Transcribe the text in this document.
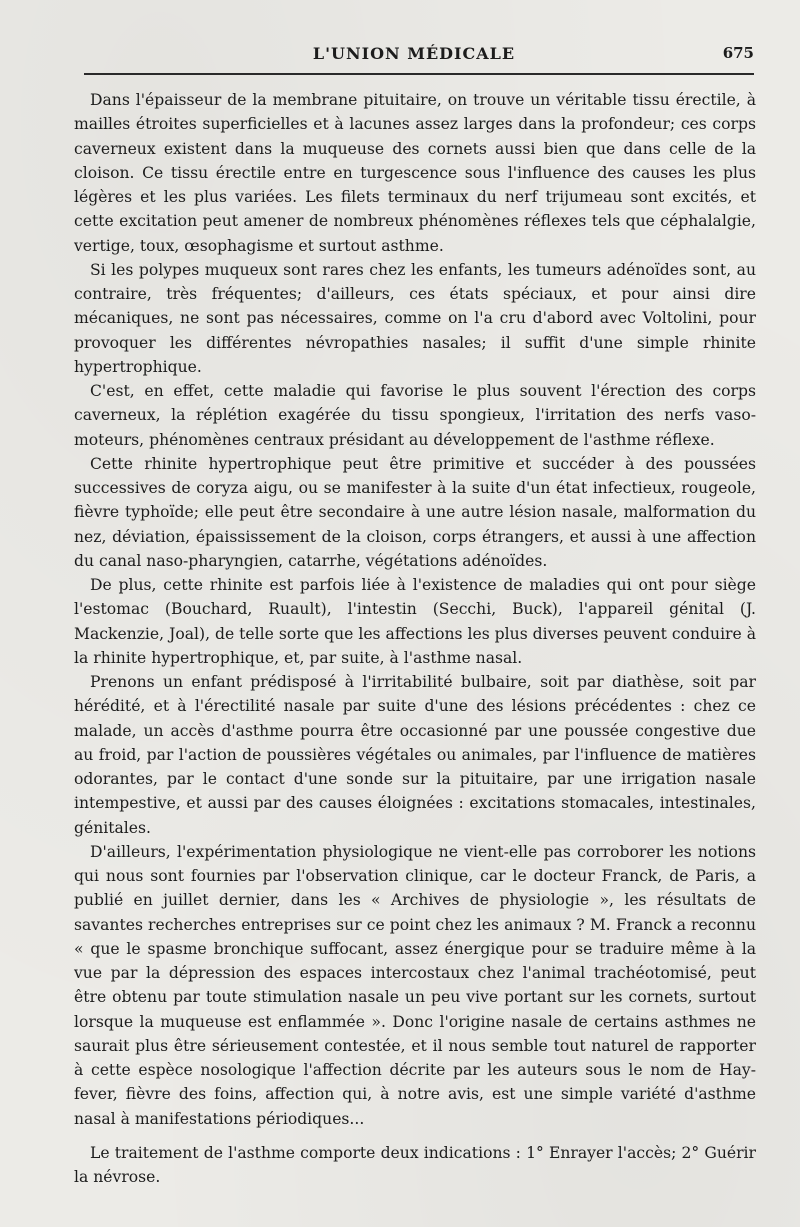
L'UNION MÉDICALE	675

Dans l'épaisseur de la membrane pituitaire, on trouve un véritable tissu érectile, à mailles étroites superficielles et à lacunes assez larges dans la profondeur; ces corps caverneux existent dans la muqueuse des cornets aussi bien que dans celle de la cloison. Ce tissu érectile entre en turgescence sous l'influence des causes les plus légères et les plus variées. Les filets terminaux du nerf trijumeau sont excités, et cette excitation peut amener de nombreux phénomènes réflexes tels que céphalalgie, vertige, toux, œsophagisme et surtout asthme.

Si les polypes muqueux sont rares chez les enfants, les tumeurs adénoïdes sont, au contraire, très fréquentes; d'ailleurs, ces états spéciaux, et pour ainsi dire mécaniques, ne sont pas nécessaires, comme on l'a cru d'abord avec Voltolini, pour provoquer les différentes névropathies nasales; il suffit d'une simple rhinite hypertrophique.

C'est, en effet, cette maladie qui favorise le plus souvent l'érection des corps caverneux, la réplétion exagérée du tissu spongieux, l'irritation des nerfs vaso-moteurs, phénomènes centraux présidant au développement de l'asthme réflexe.

Cette rhinite hypertrophique peut être primitive et succéder à des poussées successives de coryza aigu, ou se manifester à la suite d'un état infectieux, rougeole, fièvre typhoïde; elle peut être secondaire à une autre lésion nasale, malformation du nez, déviation, épaississement de la cloison, corps étrangers, et aussi à une affection du canal naso-pharyngien, catarrhe, végétations adénoïdes.

De plus, cette rhinite est parfois liée à l'existence de maladies qui ont pour siège l'estomac (Bouchard, Ruault), l'intestin (Secchi, Buck), l'appareil génital (J. Mackenzie, Joal), de telle sorte que les affections les plus diverses peuvent conduire à la rhinite hypertrophique, et, par suite, à l'asthme nasal.

Prenons un enfant prédisposé à l'irritabilité bulbaire, soit par diathèse, soit par hérédité, et à l'érectilité nasale par suite d'une des lésions précédentes : chez ce malade, un accès d'asthme pourra être occasionné par une poussée congestive due au froid, par l'action de poussières végétales ou animales, par l'influence de matières odorantes, par le contact d'une sonde sur la pituitaire, par une irrigation nasale intempestive, et aussi par des causes éloignées : excitations stomacales, intestinales, génitales.

D'ailleurs, l'expérimentation physiologique ne vient-elle pas corroborer les notions qui nous sont fournies par l'observation clinique, car le docteur Franck, de Paris, a publié en juillet dernier, dans les « Archives de physiologie », les résultats de savantes recherches entreprises sur ce point chez les animaux ? M. Franck a reconnu « que le spasme bronchique suffocant, assez énergique pour se traduire même à la vue par la dépression des espaces intercostaux chez l'animal trachéotomisé, peut être obtenu par toute stimulation nasale un peu vive portant sur les cornets, surtout lorsque la muqueuse est enflammée ». Donc l'origine nasale de certains asthmes ne saurait plus être sérieusement contestée, et il nous semble tout naturel de rapporter à cette espèce nosologique l'affection décrite par les auteurs sous le nom de Hay-fever, fièvre des foins, affection qui, à notre avis, est une simple variété d'asthme nasal à manifestations périodiques...

Le traitement de l'asthme comporte deux indications : 1° Enrayer l'accès; 2° Guérir la névrose.
